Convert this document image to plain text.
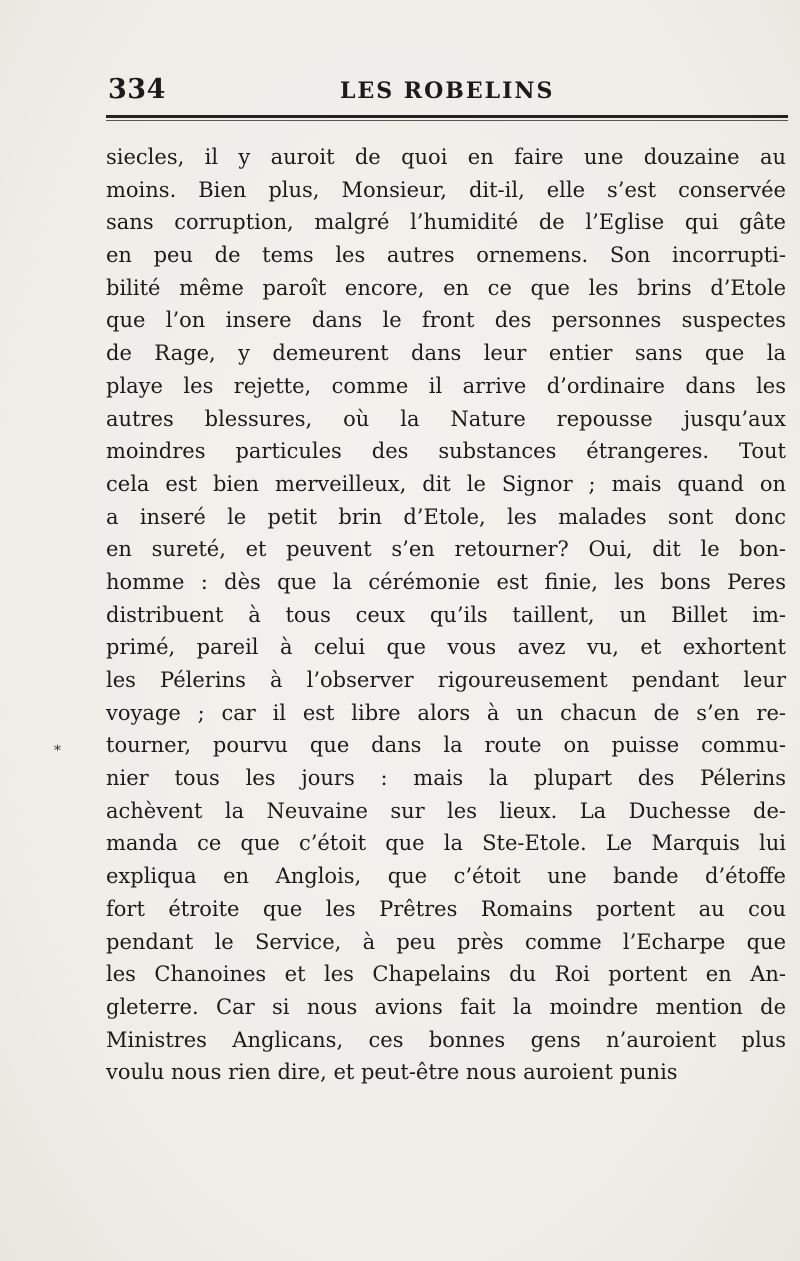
334	LES ROBELINS
*
siecles, il y auroit de quoi en faire une douzaine au
moins. Bien plus, Monsieur, dit-il, elle s’est conservée
sans corruption, malgré l’humidité de l’Eglise qui gâte
en peu de tems les autres ornemens. Son incorrupti-
bilité même paroît encore, en ce que les brins d’Etole
que l’on insere dans le front des personnes suspectes
de Rage, y demeurent dans leur entier sans que la
playe les rejette, comme il arrive d’ordinaire dans les
autres blessures, où la Nature repousse jusqu’aux
moindres particules des substances étrangeres. Tout
cela est bien merveilleux, dit le Signor ; mais quand on
a inseré le petit brin d’Etole, les malades sont donc
en sureté, et peuvent s’en retourner? Oui, dit le bon-
homme : dès que la cérémonie est finie, les bons Peres
distribuent à tous ceux qu’ils taillent, un Billet im-
primé, pareil à celui que vous avez vu, et exhortent
les Pélerins à l’observer rigoureusement pendant leur
voyage ; car il est libre alors à un chacun de s’en re-
tourner, pourvu que dans la route on puisse commu-
nier tous les jours : mais la plupart des Pélerins
achèvent la Neuvaine sur les lieux. La Duchesse de-
manda ce que c’étoit que la Ste-Etole. Le Marquis lui
expliqua en Anglois, que c’étoit une bande d’étoffe
fort étroite que les Prêtres Romains portent au cou
pendant le Service, à peu près comme l’Echarpe que
les Chanoines et les Chapelains du Roi portent en An-
gleterre. Car si nous avions fait la moindre mention de
Ministres Anglicans, ces bonnes gens n’auroient plus
voulu nous rien dire, et peut-être nous auroient punis
